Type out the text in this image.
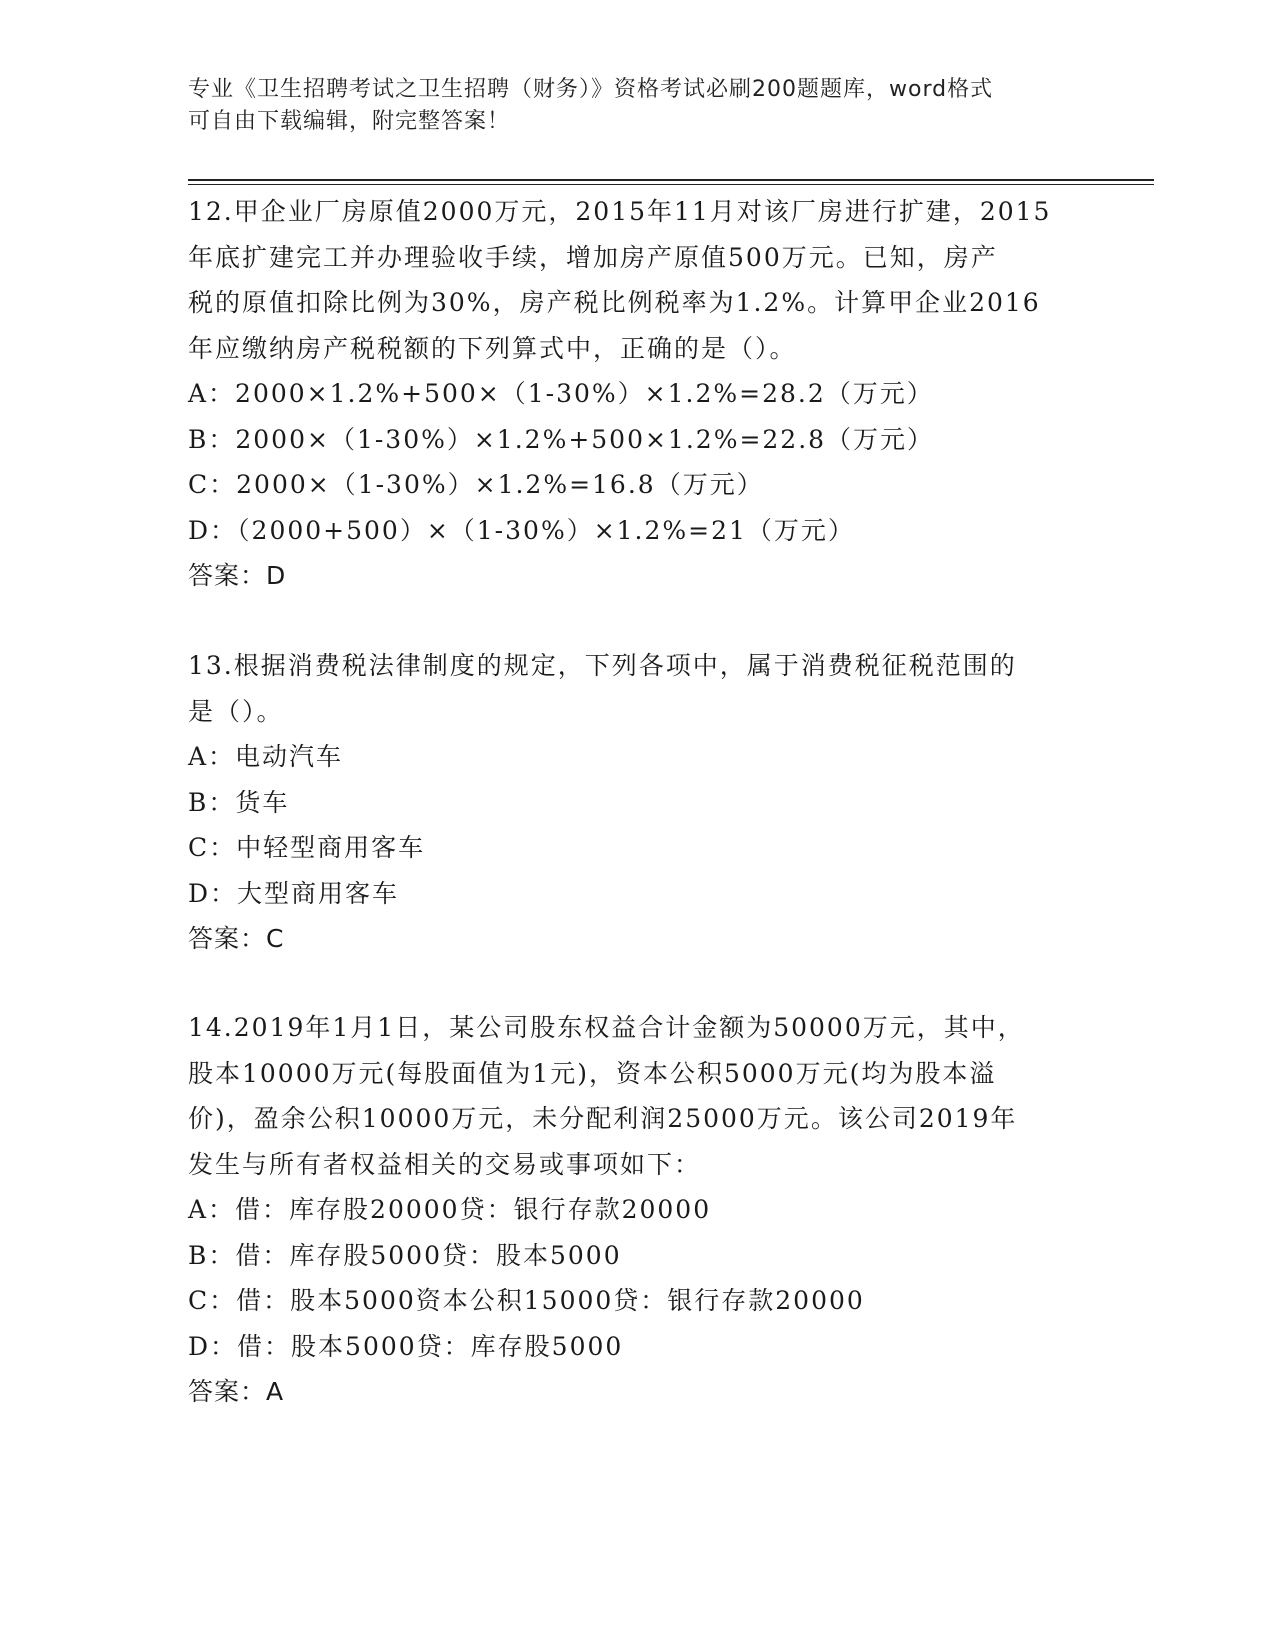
专业《卫生招聘考试之卫生招聘（财务）》资格考试必刷200题题库，word格式
可自由下载编辑，附完整答案！
12.甲企业厂房原值2000万元，2015年11月对该厂房进行扩建，2015
年底扩建完工并办理验收手续，增加房产原值500万元。已知，房产
税的原值扣除比例为30%，房产税比例税率为1.2%。计算甲企业2016
年应缴纳房产税税额的下列算式中，正确的是（）。
A：2000×1.2%+500×（1-30%）×1.2%=28.2（万元）
B：2000×（1-30%）×1.2%+500×1.2%=22.8（万元）
C：2000×（1-30%）×1.2%=16.8（万元）
D：（2000+500）×（1-30%）×1.2%=21（万元）
答案：D
13.根据消费税法律制度的规定，下列各项中，属于消费税征税范围的
是（）。
A：电动汽车
B：货车
C：中轻型商用客车
D：大型商用客车
答案：C
14.2019年1月1日，某公司股东权益合计金额为50000万元，其中，
股本10000万元(每股面值为1元)，资本公积5000万元(均为股本溢
价)，盈余公积10000万元，未分配利润25000万元。该公司2019年
发生与所有者权益相关的交易或事项如下：
A：借：库存股20000贷：银行存款20000
B：借：库存股5000贷：股本5000
C：借：股本5000资本公积15000贷：银行存款20000
D：借：股本5000贷：库存股5000
答案：A
